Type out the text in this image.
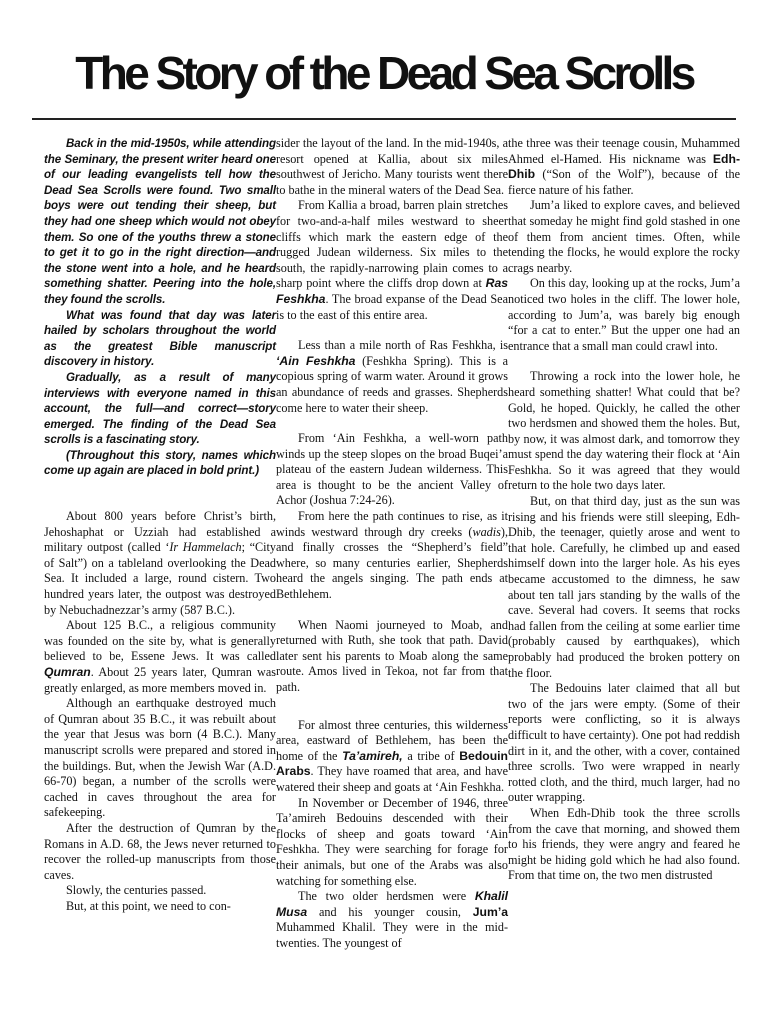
The Story of the Dead Sea Scrolls

Back in the mid-1950s, while attending the Seminary, the present writer heard one of our leading evangelists tell how the Dead Sea Scrolls were found. Two small boys were out tending their sheep, but they had one sheep which would not obey them. So one of the youths threw a stone to get it to go in the right direction—and the stone went into a hole, and he heard something shatter. Peering into the hole, they found the scrolls.

What was found that day was later hailed by scholars throughout the world as the greatest Bible manuscript discovery in history.

Gradually, as a result of many interviews with everyone named in this account, the full—and correct—story emerged. The finding of the Dead Sea scrolls is a fascinating story.

(Throughout this story, names which come up again are placed in bold print.)

About 800 years before Christ’s birth, Jehoshaphat or Uzziah had established a military outpost (called ‘Ir Hammelach; “City of Salt”) on a tableland overlooking the Dead Sea. It included a large, round cistern. Two hundred years later, the outpost was destroyed by Nebuchadnezzar’s army (587 B.C.).

About 125 B.C., a religious community was founded on the site by, what is generally believed to be, Essene Jews. It was called Qumran. About 25 years later, Qumran was greatly enlarged, as more members moved in.

Although an earthquake destroyed much of Qumran about 35 B.C., it was rebuilt about the year that Jesus was born (4 B.C.). Many manuscript scrolls were prepared and stored in the buildings. But, when the Jewish War (A.D. 66-70) began, a number of the scrolls were cached in caves throughout the area for safekeeping.

After the destruction of Qumran by the Romans in A.D. 68, the Jews never returned to recover the rolled-up manuscripts from those caves.

Slowly, the centuries passed.

But, at this point, we need to con-

sider the layout of the land. In the mid-1940s, a resort opened at Kallia, about six miles southwest of Jericho. Many tourists went there to bathe in the mineral waters of the Dead Sea.

From Kallia a broad, barren plain stretches for two-and-a-half miles westward to sheer cliffs which mark the eastern edge of the rugged Judean wilderness. Six miles to the south, the rapidly-narrowing plain comes to a sharp point where the cliffs drop down at Ras Feshkha. The broad expanse of the Dead Sea is to the east of this entire area.

Less than a mile north of Ras Feshkha, is ‘Ain Feshkha (Feshkha Spring). This is a copious spring of warm water. Around it grows an abundance of reeds and grasses. Shepherds come here to water their sheep.

From ‘Ain Feshkha, a well-worn path winds up the steep slopes on the broad Buqei’a plateau of the eastern Judean wilderness. This area is thought to be the ancient Valley of Achor (Joshua 7:24-26).

From here the path continues to rise, as it winds westward through dry creeks (wadis), and finally crosses the “Shepherd’s field” where, so many centuries earlier, Shepherds heard the angels singing. The path ends at Bethlehem.

When Naomi journeyed to Moab, and returned with Ruth, she took that path. David later sent his parents to Moab along the same route. Amos lived in Tekoa, not far from that path.

For almost three centuries, this wilderness area, eastward of Bethlehem, has been the home of the Ta’amireh, a tribe of Bedouin Arabs. They have roamed that area, and have watered their sheep and goats at ‘Ain Feshkha.

In November or December of 1946, three Ta’amireh Bedouins descended with their flocks of sheep and goats toward ‘Ain Feshkha. They were searching for forage for their animals, but one of the Arabs was also watching for something else.

The two older herdsmen were Khalil Musa and his younger cousin, Jum’a Muhammed Khalil. They were in the mid-twenties. The youngest of

the three was their teenage cousin, Muhammed Ahmed el-Hamed. His nickname was Edh-Dhib (“Son of the Wolf”), because of the fierce nature of his father.

Jum’a liked to explore caves, and believed that someday he might find gold stashed in one of them from ancient times. Often, while tending the flocks, he would explore the rocky crags nearby.

On this day, looking up at the rocks, Jum’a noticed two holes in the cliff. The lower hole, according to Jum’a, was barely big enough “for a cat to enter.” But the upper one had an entrance that a small man could crawl into.

Throwing a rock into the lower hole, he heard something shatter! What could that be? Gold, he hoped. Quickly, he called the other two herdsmen and showed them the holes. But, by now, it was almost dark, and tomorrow they must spend the day watering their flock at ‘Ain Feshkha. So it was agreed that they would return to the hole two days later.

But, on that third day, just as the sun was rising and his friends were still sleeping, Edh-Dhib, the teenager, quietly arose and went to that hole. Carefully, he climbed up and eased himself down into the larger hole. As his eyes became accustomed to the dimness, he saw about ten tall jars standing by the walls of the cave. Several had covers. It seems that rocks had fallen from the ceiling at some earlier time (probably caused by earthquakes), which probably had produced the broken pottery on the floor.

The Bedouins later claimed that all but two of the jars were empty. (Some of their reports were conflicting, so it is always difficult to have certainty). One pot had reddish dirt in it, and the other, with a cover, contained three scrolls. Two were wrapped in nearly rotted cloth, and the third, much larger, had no outer wrapping.

When Edh-Dhib took the three scrolls from the cave that morning, and showed them to his friends, they were angry and feared he might be hiding gold which he had also found. From that time on, the two men distrusted
